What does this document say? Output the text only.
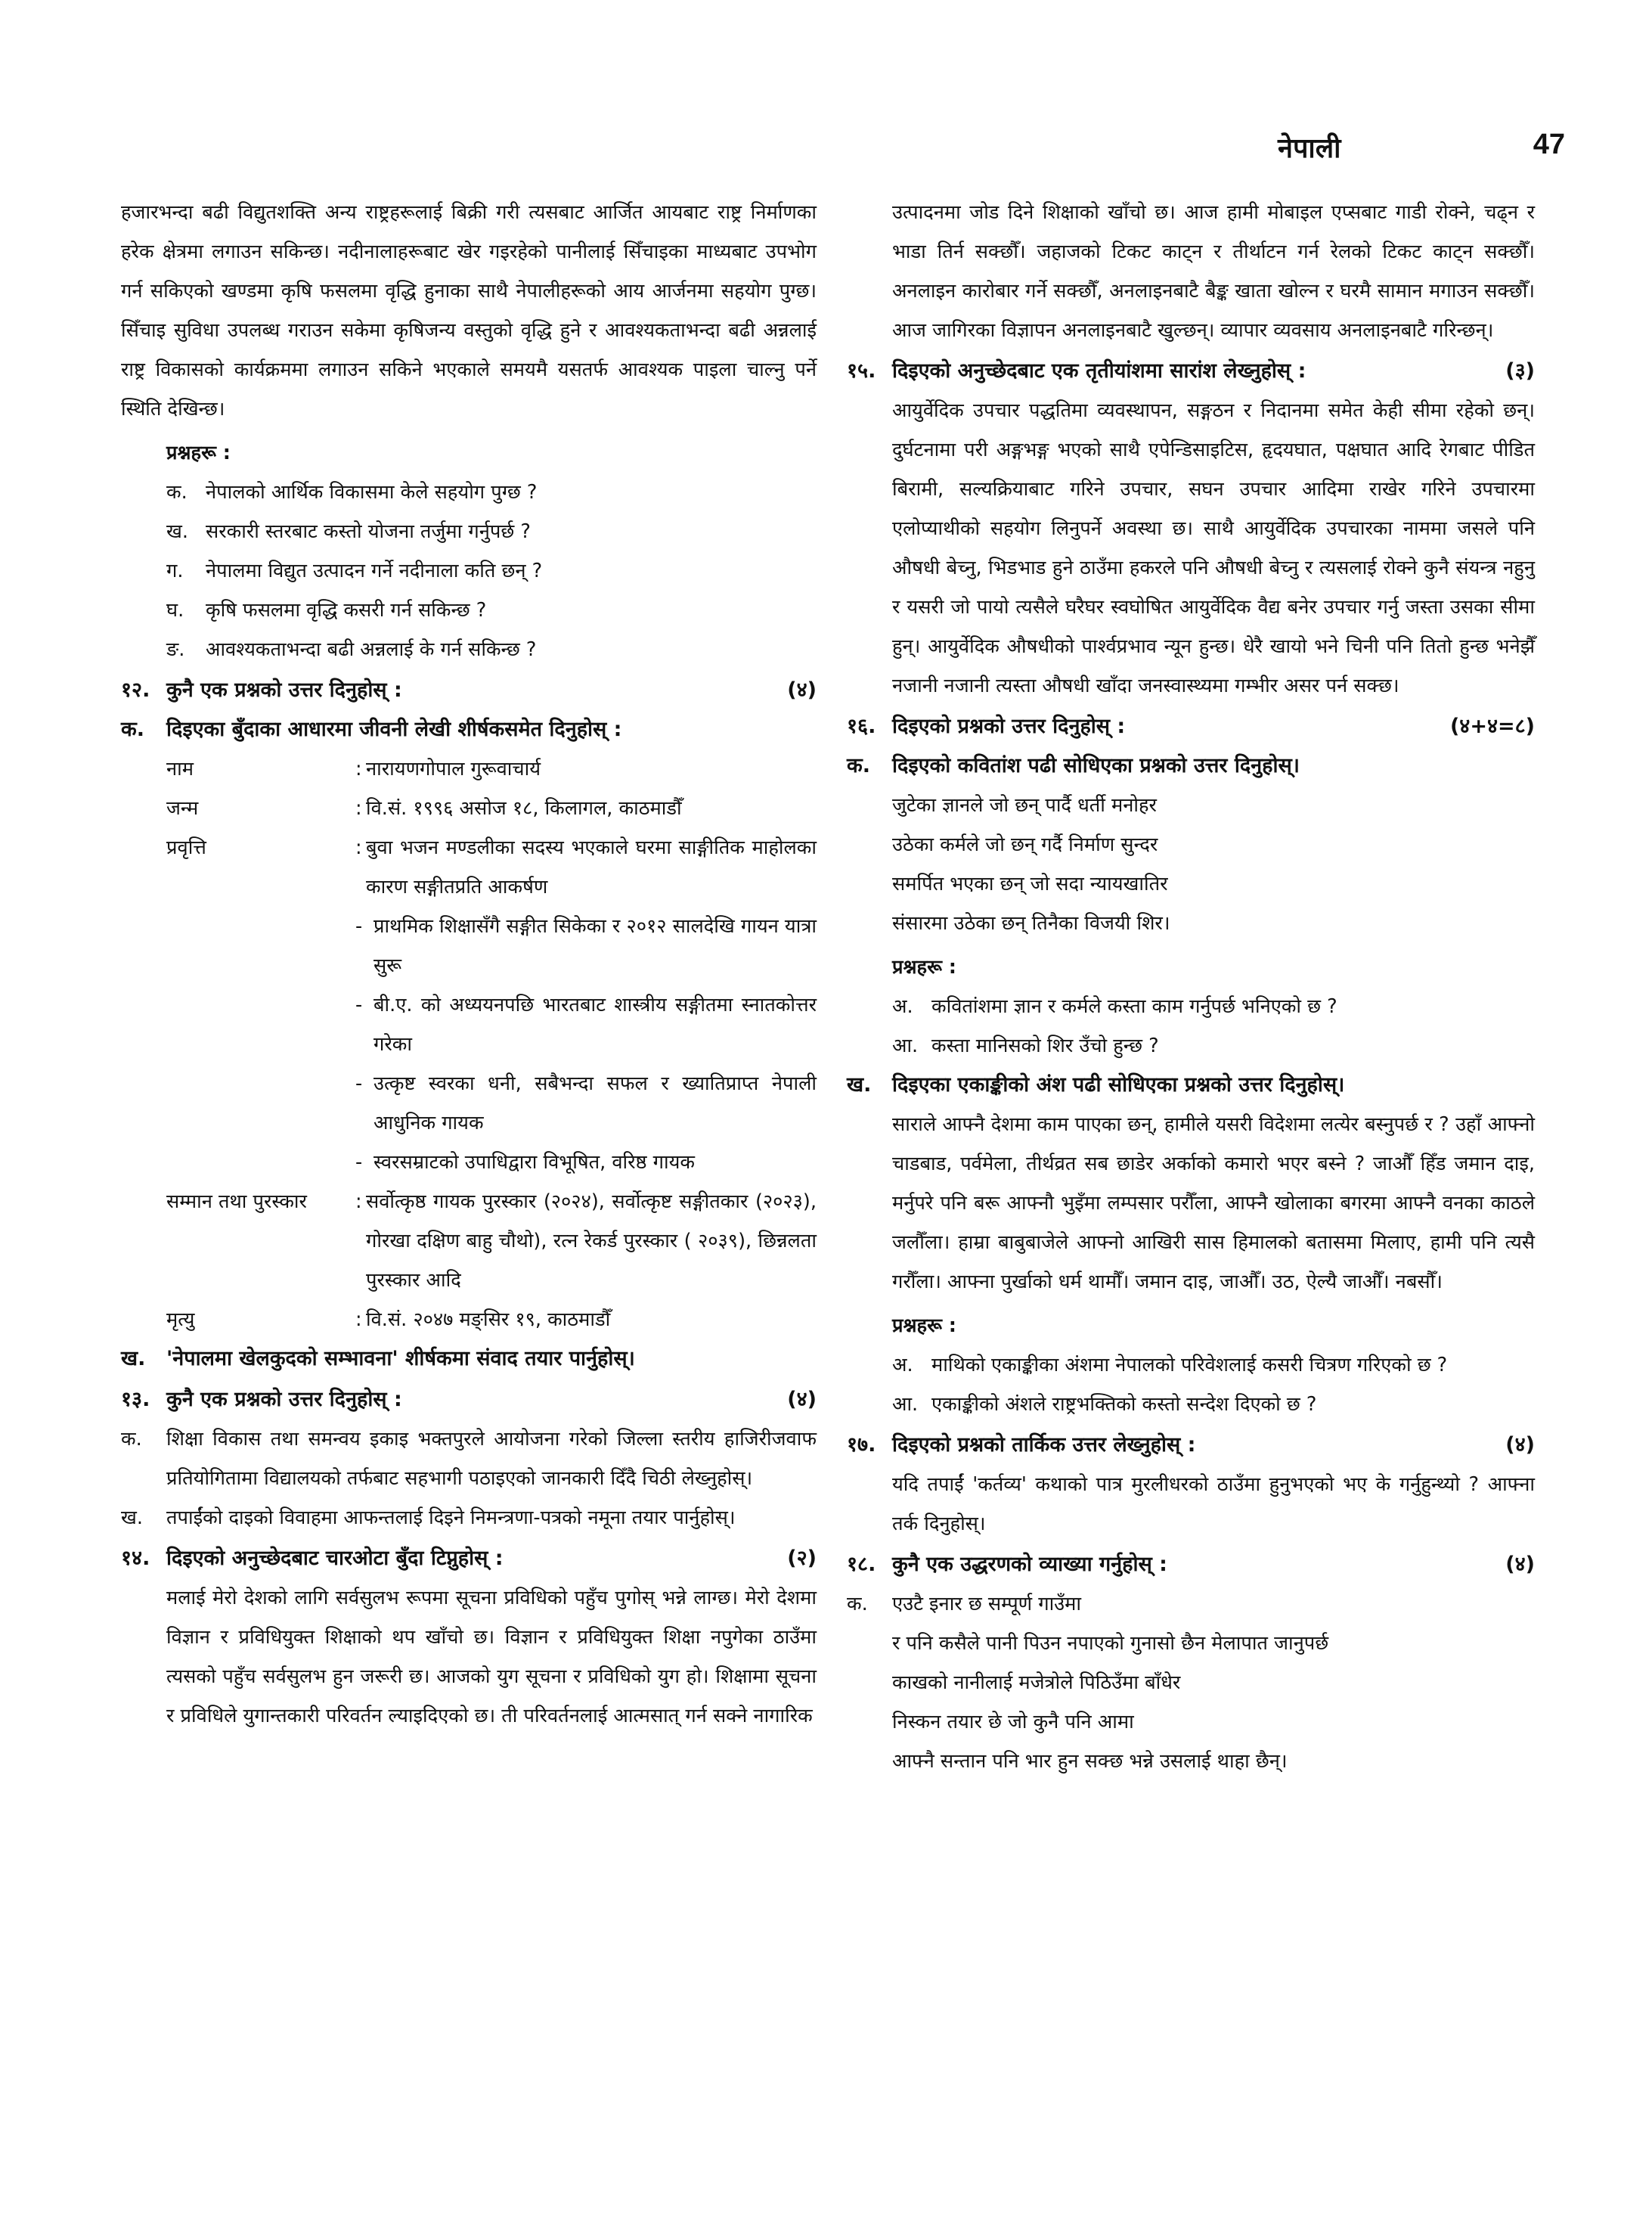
नेपाली	47

हजारभन्दा बढी विद्युतशक्ति अन्य राष्ट्रहरूलाई बिक्री गरी त्यसबाट आर्जित आयबाट राष्ट्र निर्माणका हरेक क्षेत्रमा लगाउन सकिन्छ। नदीनालाहरूबाट खेर गइरहेको पानीलाई सिँचाइका माध्यबाट उपभोग गर्न सकिएको खण्डमा कृषि फसलमा वृद्धि हुनाका साथै नेपालीहरूको आय आर्जनमा सहयोग पुग्छ। सिँचाइ सुविधा उपलब्ध गराउन सकेमा कृषिजन्य वस्तुको वृद्धि हुने र आवश्यकताभन्दा बढी अन्नलाई राष्ट्र विकासको कार्यक्रममा लगाउन सकिने भएकाले समयमै यसतर्फ आवश्यक पाइला चाल्नु पर्ने स्थिति देखिन्छ।

प्रश्नहरू :
क. नेपालको आर्थिक विकासमा केले सहयोग पुग्छ ?
ख. सरकारी स्तरबाट कस्तो योजना तर्जुमा गर्नुपर्छ ?
ग.	नेपालमा विद्युत उत्पादन गर्ने नदीनाला कति छन् ?
घ.	कृषि फसलमा वृद्धि कसरी गर्न सकिन्छ ?
ङ.	आवश्यकताभन्दा बढी अन्नलाई के गर्न सकिन्छ ?
१२. कुनै एक प्रश्नको उत्तर दिनुहोस् :	(४)
क.	दिइएका बुँदाका आधारमा जीवनी लेखी शीर्षकसमेत दिनुहोस् :
नाम	: नारायणगोपाल गुरूवाचार्य
जन्म	: वि.सं. १९९६ असोज १८, किलागल, काठमाडौँ
प्रवृत्ति	: बुवा भजन मण्डलीका सदस्य भएकाले घरमा साङ्गीतिक माहोलका कारण सङ्गीतप्रति आकर्षण
- प्राथमिक शिक्षासँगै सङ्गीत सिकेका र २०१२ सालदेखि गायन यात्रा सुरू
- बी.ए. को अध्ययनपछि भारतबाट शास्त्रीय सङ्गीतमा स्नातकोत्तर गरेका
- उत्कृष्ट स्वरका धनी, सबैभन्दा सफल र ख्यातिप्राप्त नेपाली आधुनिक गायक
- स्वरसम्राटको उपाधिद्वारा विभूषित, वरिष्ठ गायक
सम्मान तथा पुरस्कार	: सर्वोत्कृष्ठ गायक पुरस्कार (२०२४), सर्वोत्कृष्ट सङ्गीतकार (२०२३), गोरखा दक्षिण बाहु चौथो), रत्न रेकर्ड पुरस्कार ( २०३९), छिन्नलता पुरस्कार आदि
मृत्यु	: वि.सं. २०४७ मङ्सिर १९, काठमाडौँ
ख.	'नेपालमा खेलकुदको सम्भावना' शीर्षकमा संवाद तयार पार्नुहोस्।
१३. कुनै एक प्रश्नको उत्तर दिनुहोस् :	(४)
क.	शिक्षा विकास तथा समन्वय इकाइ भक्तपुरले आयोजना गरेको जिल्ला स्तरीय हाजिरीजवाफ प्रतियोगितामा विद्यालयको तर्फबाट सहभागी पठाइएको जानकारी दिँदै चिठी लेख्नुहोस्।
ख.	तपाईंको दाइको विवाहमा आफन्तलाई दिइने निमन्त्रणा-पत्रको नमूना तयार पार्नुहोस्।
१४. दिइएको अनुच्छेदबाट चारओटा बुँदा टिप्नुहोस् :	(२)

मलाई मेरो देशको लागि सर्वसुलभ रूपमा सूचना प्रविधिको पहुँच पुगोस् भन्ने लाग्छ। मेरो देशमा विज्ञान र प्रविधियुक्त शिक्षाको थप खाँचो छ। विज्ञान र प्रविधियुक्त शिक्षा नपुगेका ठाउँमा त्यसको पहुँच सर्वसुलभ हुन जरूरी छ। आजको युग सूचना र प्रविधिको युग हो। शिक्षामा सूचना र प्रविधिले युगान्तकारी परिवर्तन ल्याइदिएको छ। ती परिवर्तनलाई आत्मसात् गर्न सक्ने नागारिक

उत्पादनमा जोड दिने शिक्षाको खाँचो छ। आज हामी मोबाइल एप्सबाट गाडी रोक्ने, चढ्न र भाडा तिर्न सक्छौँ। जहाजको टिकट काट्न र तीर्थाटन गर्न रेलको टिकट काट्न सक्छौँ। अनलाइन कारोबार गर्ने सक्छौँ, अनलाइनबाटै बैङ्क खाता खोल्न र घरमै सामान मगाउन सक्छौँ। आज जागिरका विज्ञापन अनलाइनबाटै खुल्छन्। व्यापार व्यवसाय अनलाइनबाटै गरिन्छन्।

१५. दिइएको अनुच्छेदबाट एक तृतीयांशमा सारांश लेख्नुहोस् :	(३)

आयुर्वेदिक उपचार पद्धतिमा व्यवस्थापन, सङ्गठन र निदानमा समेत केही सीमा रहेको छन्। दुर्घटनामा परी अङ्गभङ्ग भएको साथै एपेन्डिसाइटिस, हृदयघात, पक्षघात आदि रेगबाट पीडित बिरामी, सल्यक्रियाबाट गरिने उपचार, सघन उपचार आदिमा राखेर गरिने उपचारमा एलोप्याथीको सहयोग लिनुपर्ने अवस्था छ। साथै आयुर्वेदिक उपचारका नाममा जसले पनि औषधी बेच्नु, भिडभाड हुने ठाउँमा हकरले पनि औषधी बेच्नु र त्यसलाई रोक्ने कुनै संयन्त्र नहुनु र यसरी जो पायो त्यसैले घरैघर स्वघोषित आयुर्वेदिक वैद्य बनेर उपचार गर्नु जस्ता उसका सीमा हुन्। आयुर्वेदिक औषधीको पार्श्वप्रभाव न्यून हुन्छ। धेरै खायो भने चिनी पनि तितो हुन्छ भनेझैँ नजानी नजानी त्यस्ता औषधी खाँदा जनस्वास्थ्यमा गम्भीर असर पर्न सक्छ।

१६. दिइएको प्रश्नको उत्तर दिनुहोस् :	(४+४=८)
क.	दिइएको कवितांश पढी सोधिएका प्रश्नको उत्तर दिनुहोस्।
जुटेका ज्ञानले जो छन् पार्दै धर्ती मनोहर
उठेका कर्मले जो छन् गर्दै निर्माण सुन्दर
समर्पित भएका छन् जो सदा न्यायखातिर
संसारमा उठेका छन् तिनैका विजयी शिर।
प्रश्नहरू :
अ. कवितांशमा ज्ञान र कर्मले कस्ता काम गर्नुपर्छ भनिएको छ ?
आ. कस्ता मानिसको शिर उँचो हुन्छ ?
ख.	दिइएका एकाङ्कीको अंश पढी सोधिएका प्रश्नको उत्तर दिनुहोस्।

साराले आफ्नै देशमा काम पाएका छन्, हामीले यसरी विदेशमा लत्येर बस्नुपर्छ र ? उहाँ आफ्नो चाडबाड, पर्वमेला, तीर्थव्रत सब छाडेर अर्काको कमारो भएर बस्ने ? जाऔँ हिँड जमान दाइ, मर्नुपरे पनि बरू आफ्नौ भुइँमा लम्पसार परौँला, आफ्नै खोलाका बगरमा आफ्नै वनका काठले जलौँला। हाम्रा बाबुबाजेले आफ्नो आखिरी सास हिमालको बतासमा मिलाए, हामी पनि त्यसै गरौँला। आफ्ना पुर्खाको धर्म थामौँ। जमान दाइ, जाऔँ। उठ, ऐल्यै जाऔँ। नबसौँ।

प्रश्नहरू :
अ. माथिको एकाङ्कीका अंशमा नेपालको परिवेशलाई कसरी चित्रण गरिएको छ ?
आ. एकाङ्कीको अंशले राष्ट्रभक्तिको कस्तो सन्देश दिएको छ ?
१७. दिइएको प्रश्नको तार्किक उत्तर लेख्नुहोस् :	(४)

यदि तपाईं 'कर्तव्य' कथाको पात्र मुरलीधरको ठाउँमा हुनुभएको भए के गर्नुहुन्थ्यो ? आफ्ना तर्क दिनुहोस्।

१८. कुनै एक उद्धरणको व्याख्या गर्नुहोस् :	(४)
क.	एउटै इनार छ सम्पूर्ण गाउँमा
र पनि कसैले पानी पिउन नपाएको गुनासो छैन मेलापात जानुपर्छ
काखको नानीलाई मजेत्रोले पिठिउँमा बाँधेर
निस्कन तयार छे जो कुनै पनि आमा
आफ्नै सन्तान पनि भार हुन सक्छ भन्ने उसलाई थाहा छैन्।
